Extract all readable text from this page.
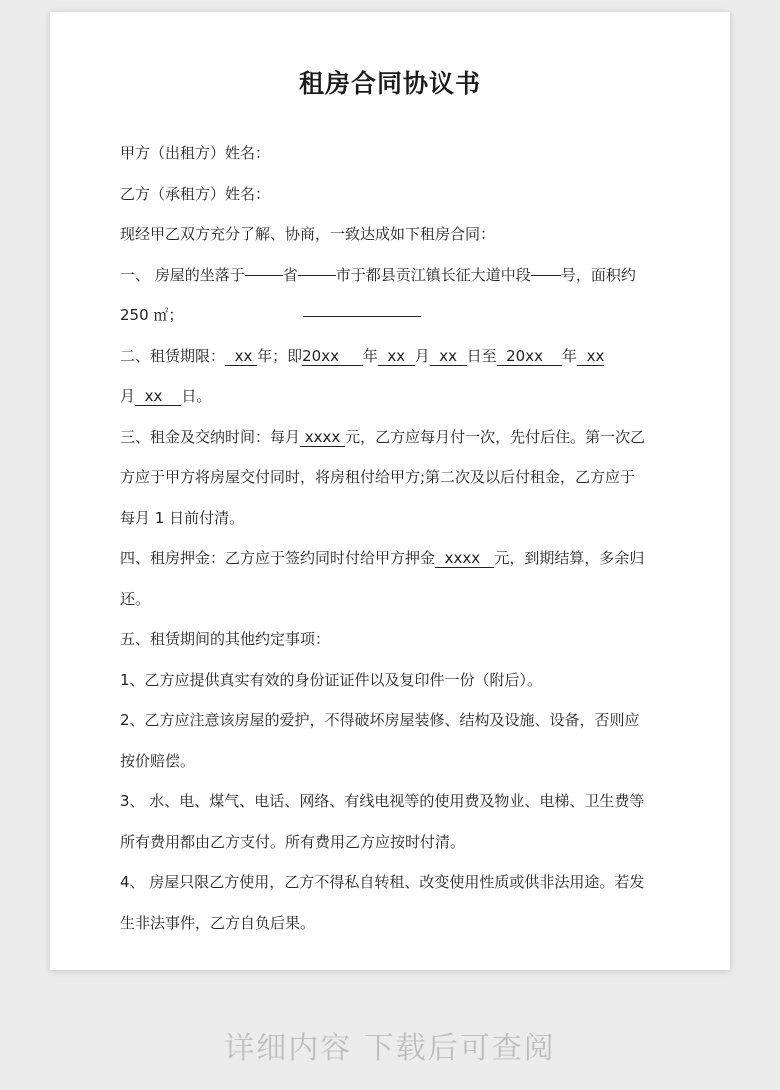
租房合同协议书
甲方（出租方）姓名：
乙方（承租方）姓名：
现经甲乙双方充分了解、协商，一致达成如下租房合同：
一、 房屋的坐落于	省	市于都县贡江镇长征大道中段 号，面积约
250 ㎡；
二、租赁期限： xx 年；即20xx 年 xx 月 xx 日至 20xx 年 xx
月 xx 日。
三、租金及交纳时间：每月 xxxx 元，乙方应每月付一次，先付后住。第一次乙
方应于甲方将房屋交付同时，将房租付给甲方;第二次及以后付租金，乙方应于
每月 1 日前付清。
四、租房押金：乙方应于签约同时付给甲方押金 xxxx 元，到期结算，多余归
还。
五、租赁期间的其他约定事项：
1、乙方应提供真实有效的身份证证件以及复印件一份（附后）。
2、乙方应注意该房屋的爱护，不得破坏房屋装修、结构及设施、设备，否则应
按价赔偿。
3、 水、电、煤气、电话、网络、有线电视等的使用费及物业、电梯、卫生费等
所有费用都由乙方支付。所有费用乙方应按时付清。
4、 房屋只限乙方使用，乙方不得私自转租、改变使用性质或供非法用途。若发
生非法事件，乙方自负后果。
详细内容 下载后可查阅
